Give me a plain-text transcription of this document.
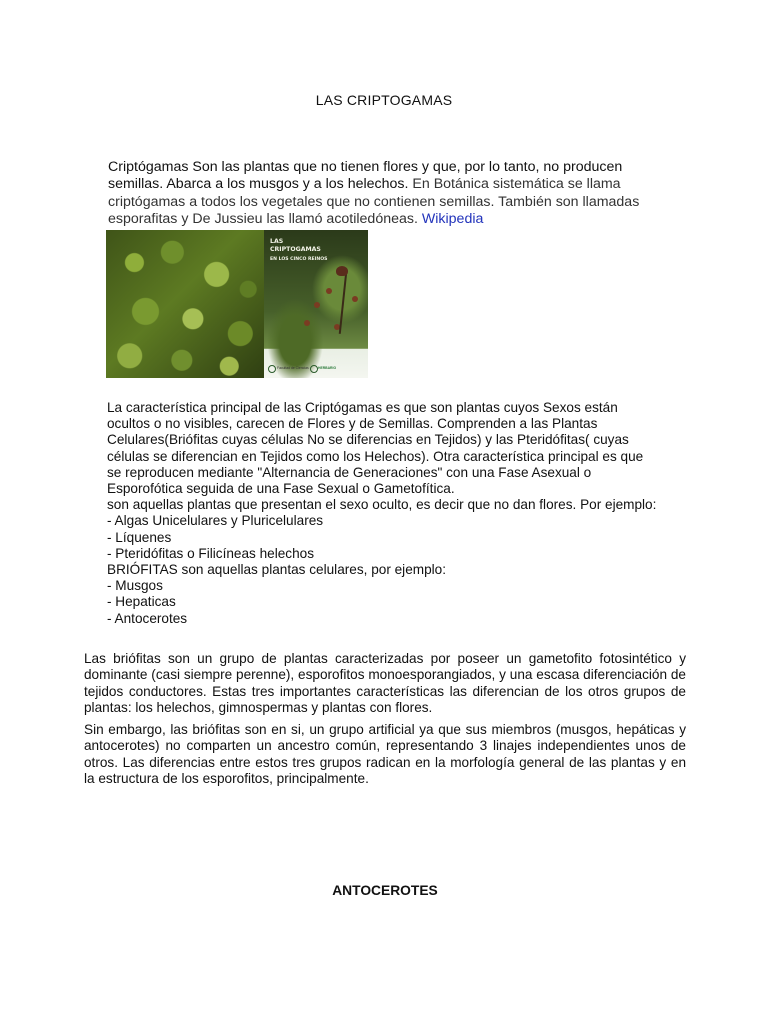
LAS CRIPTOGAMAS
Criptógamas Son las plantas que no tienen flores y que, por lo tanto, no producen semillas. Abarca a los musgos y a los helechos. En Botánica sistemática se llama criptógamas a todos los vegetales que no contienen semillas. También son llamadas esporafitas y De Jussieu las llamó acotiledóneas. Wikipedia
LAS CRIPTOGAMAS
EN LOS CINCO REINOS
Facultad de Ciencias	HERBARIO

La característica principal de las Criptógamas es que son plantas cuyos Sexos están

ocultos o no visibles, carecen de Flores y de Semillas. Comprenden a las Plantas

Celulares(Briófitas cuyas células No se diferencias en Tejidos) y las Pteridófitas( cuyas

células se diferencian en Tejidos como los Helechos). Otra característica principal es que

se reproducen mediante "Alternancia de Generaciones" con una Fase Asexual o

Esporofótica seguida de una Fase Sexual o Gametofítica.

son aquellas plantas que presentan el sexo oculto, es decir que no dan flores. Por ejemplo:

- Algas Unicelulares y Pluricelulares

- Líquenes

- Pteridófitas o Filicíneas helechos

BRIÓFITAS son aquellas plantas celulares, por ejemplo:

- Musgos

- Hepaticas

- Antocerotes

Las briófitas son un grupo de plantas caracterizadas por poseer un gametofito fotosintético y dominante (casi siempre perenne), esporofitos monoesporangiados, y una escasa diferenciación de tejidos conductores. Estas tres importantes características las diferencian de los otros grupos de plantas: los helechos, gimnospermas y plantas con flores.
Sin embargo, las briófitas son en si, un grupo artificial ya que sus miembros (musgos, hepáticas y antocerotes) no comparten un ancestro común, representando 3 linajes independientes unos de otros. Las diferencias entre estos tres grupos radican en la morfología general de las plantas y en la estructura de los esporofitos, principalmente.
ANTOCEROTES
